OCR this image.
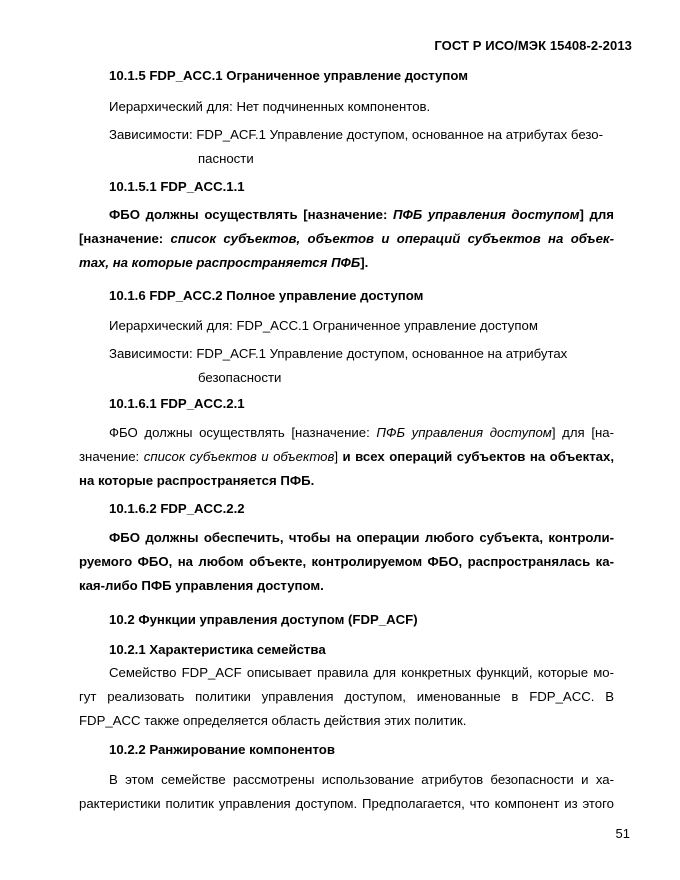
ГОСТ Р ИСО/МЭК 15408-2-2013
10.1.5 FDP_ACC.1 Ограниченное управление доступом
Иерархический для: Нет подчиненных компонентов.
Зависимости: FDP_ACF.1 Управление доступом, основанное на атрибутах безо-
пасности
10.1.5.1 FDP_ACC.1.1
ФБО должны осуществлять [назначение: ПФБ управления доступом] для
[назначение: список субъектов, объектов и операций субъектов на объек-
тах, на которые распространяется ПФБ].
10.1.6 FDP_ACC.2 Полное управление доступом
Иерархический для: FDP_ACC.1 Ограниченное управление доступом
Зависимости: FDP_ACF.1 Управление доступом, основанное на атрибутах
безопасности
10.1.6.1 FDP_ACC.2.1
ФБО должны осуществлять [назначение: ПФБ управления доступом] для [на-
значение: список субъектов и объектов] и всех операций субъектов на объектах,
на которые распространяется ПФБ.
10.1.6.2 FDP_ACC.2.2
ФБО должны обеспечить, чтобы на операции любого субъекта, контроли-
руемого ФБО, на любом объекте, контролируемом ФБО, распространялась ка-
кая-либо ПФБ управления доступом.
10.2 Функции управления доступом (FDP_ACF)
10.2.1 Характеристика семейства
Семейство FDP_ACF описывает правила для конкретных функций, которые мо-
гут реализовать политики управления доступом, именованные в FDP_ACC. В
FDP_ACC также определяется область действия этих политик.
10.2.2 Ранжирование компонентов
В этом семействе рассмотрены использование атрибутов безопасности и ха-
рактеристики политик управления доступом. Предполагается, что компонент из этого
51
